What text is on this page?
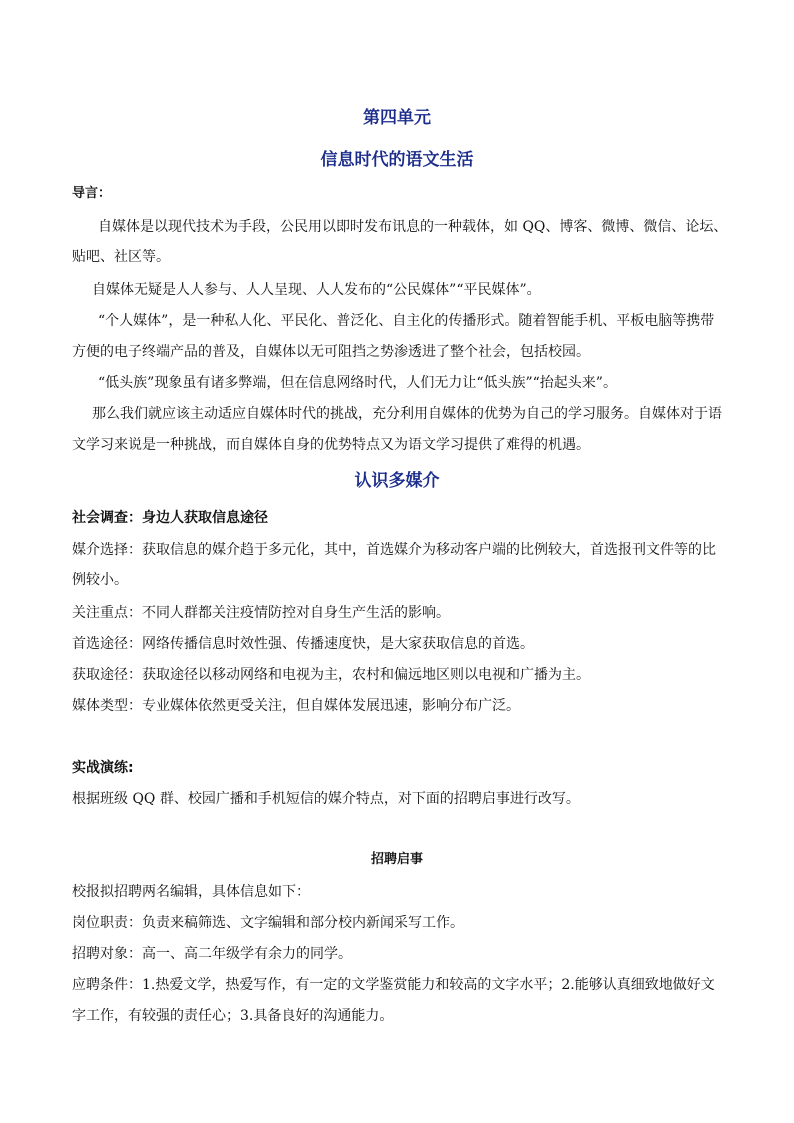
第四单元
信息时代的语文生活
导言：
自媒体是以现代技术为手段，公民用以即时发布讯息的一种载体，如 QQ、博客、微博、微信、论坛、
贴吧、社区等。
自媒体无疑是人人参与、人人呈现、人人发布的“公民媒体”“平民媒体”。
“个人媒体”，是一种私人化、平民化、普泛化、自主化的传播形式。随着智能手机、平板电脑等携带
方便的电子终端产品的普及，自媒体以无可阻挡之势渗透进了整个社会，包括校园。
“低头族”现象虽有诸多弊端，但在信息网络时代，人们无力让“低头族”“抬起头来”。
那么我们就应该主动适应自媒体时代的挑战，充分利用自媒体的优势为自己的学习服务。自媒体对于语
文学习来说是一种挑战，而自媒体自身的优势特点又为语文学习提供了难得的机遇。
认识多媒介
社会调查：身边人获取信息途径
媒介选择：获取信息的媒介趋于多元化，其中，首选媒介为移动客户端的比例较大，首选报刊文件等的比
例较小。
关注重点：不同人群都关注疫情防控对自身生产生活的影响。
首选途径：网络传播信息时效性强、传播速度快，是大家获取信息的首选。
获取途径：获取途径以移动网络和电视为主，农村和偏远地区则以电视和广播为主。
媒体类型：专业媒体依然更受关注，但自媒体发展迅速，影响分布广泛。
实战演练:
根据班级 QQ 群、校园广播和手机短信的媒介特点，对下面的招聘启事进行改写。
招聘启事
校报拟招聘两名编辑，具体信息如下：
岗位职责：负责来稿筛选、文字编辑和部分校内新闻采写工作。
招聘对象：高一、高二年级学有余力的同学。
应聘条件：1.热爱文学，热爱写作，有一定的文学鉴赏能力和较高的文字水平；2.能够认真细致地做好文
字工作，有较强的责任心；3.具备良好的沟通能力。
